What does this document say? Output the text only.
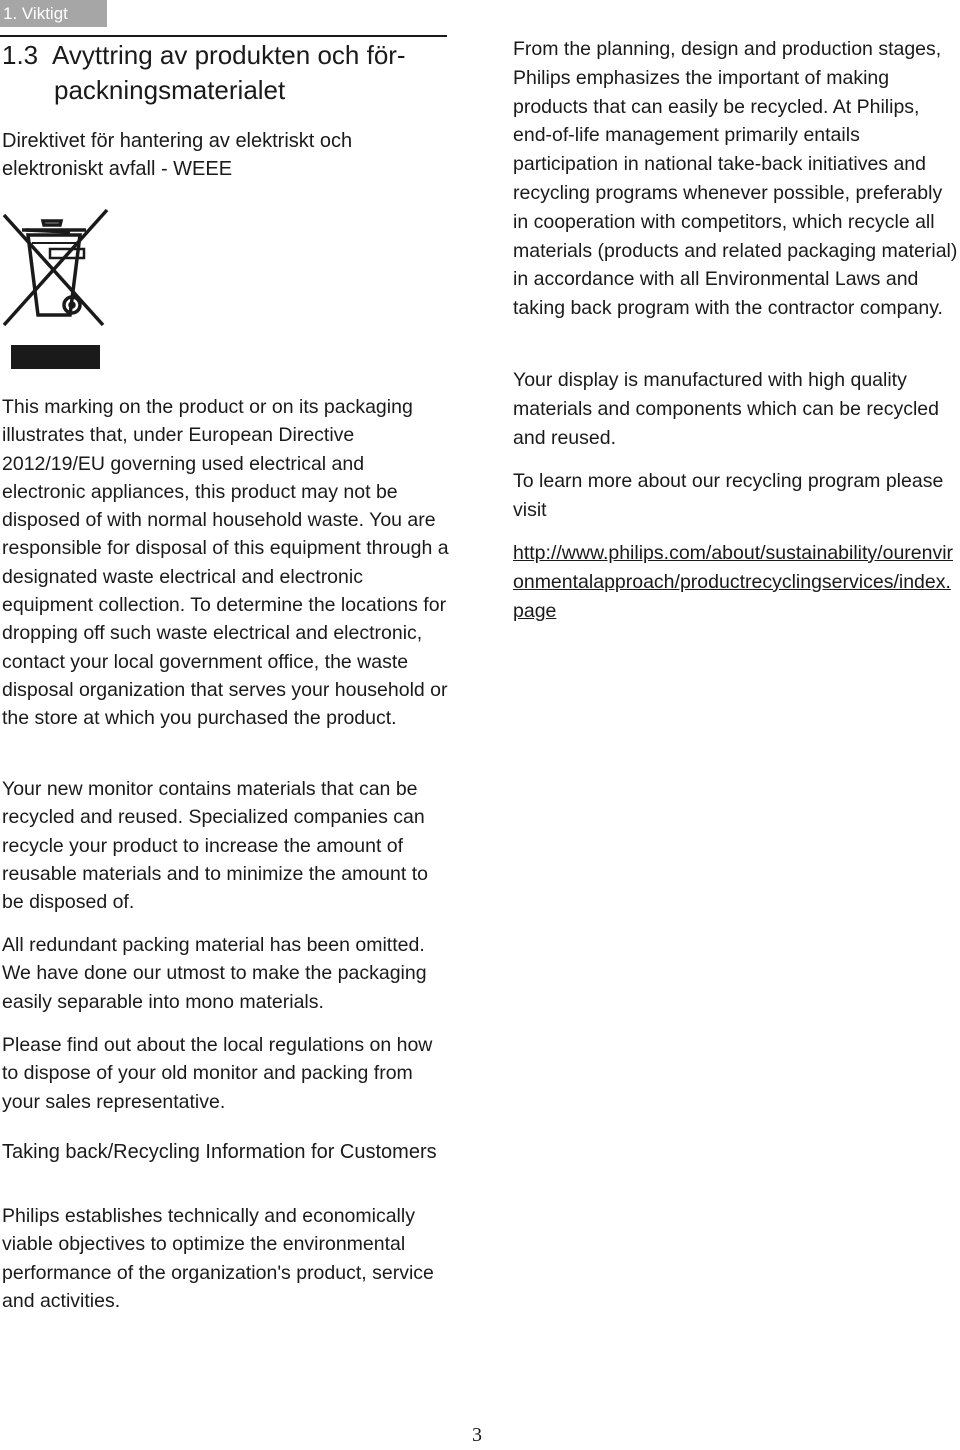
1. Viktigt
1.3 Avyttring av produkten och för-
packningsmaterialet
Direktivet för hantering av elektriskt och elektroniskt avfall - WEEE
This marking on the product or on its packaging illustrates that, under European Directive 2012/19/EU governing used electrical and electronic appliances, this product may not be disposed of with normal household waste. You are responsible for disposal of this equipment through a designated waste electrical and electronic equipment collection. To determine the locations for dropping off such waste electrical and electronic, contact your local government office, the waste disposal organization that serves your household or the store at which you purchased the product.
Your new monitor contains materials that can be recycled and reused. Specialized companies can recycle your product to increase the amount of reusable materials and to minimize the amount to be disposed of.
All redundant packing material has been omitted. We have done our utmost to make the packaging easily separable into mono materials.
Please find out about the local regulations on how to dispose of your old monitor and packing from your sales representative.
Taking back/Recycling Information for Customers
Philips establishes technically and economically viable objectives to optimize the environmental performance of the organization's product, service and activities.
From the planning, design and production stages, Philips emphasizes the important of making products that can easily be recycled. At Philips, end-of-life management primarily entails participation in national take-back initiatives and recycling programs whenever possible, preferably in cooperation with competitors, which recycle all materials (products and related packaging material) in accordance with all Environmental Laws and taking back program with the contractor company.
Your display is manufactured with high quality materials and components which can be recycled and reused.
To learn more about our recycling program please visit
http://www.philips.com/about/sustainability/ourenvironmentalapproach/productrecyclingservices/index.page
3
